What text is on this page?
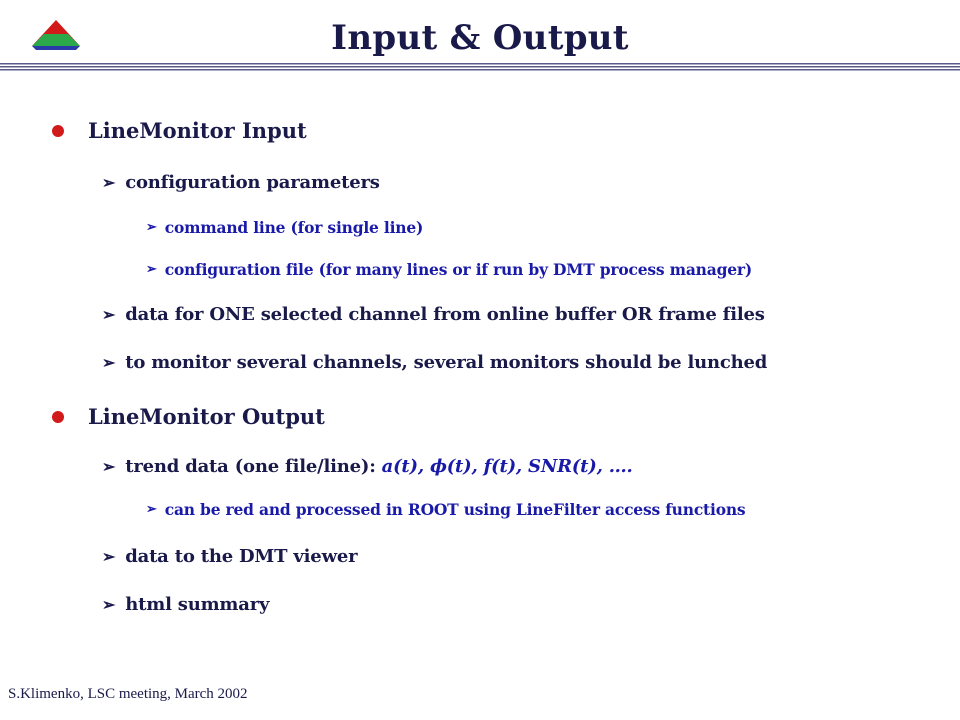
Input & Output
LineMonitor Input
➢ configuration parameters
➢ command line (for single line)
➢ configuration file (for many lines or if run by DMT process manager)
➢ data for ONE selected channel from online buffer OR frame files
➢ to monitor several channels, several monitors should be lunched
LineMonitor Output
➢ trend data (one file/line): a(t), ϕ(t), f(t), SNR(t), ….
➢ can be red and processed in ROOT using LineFilter access functions
➢ data to the DMT viewer
➢ html summary
S.Klimenko, LSC meeting, March 2002
